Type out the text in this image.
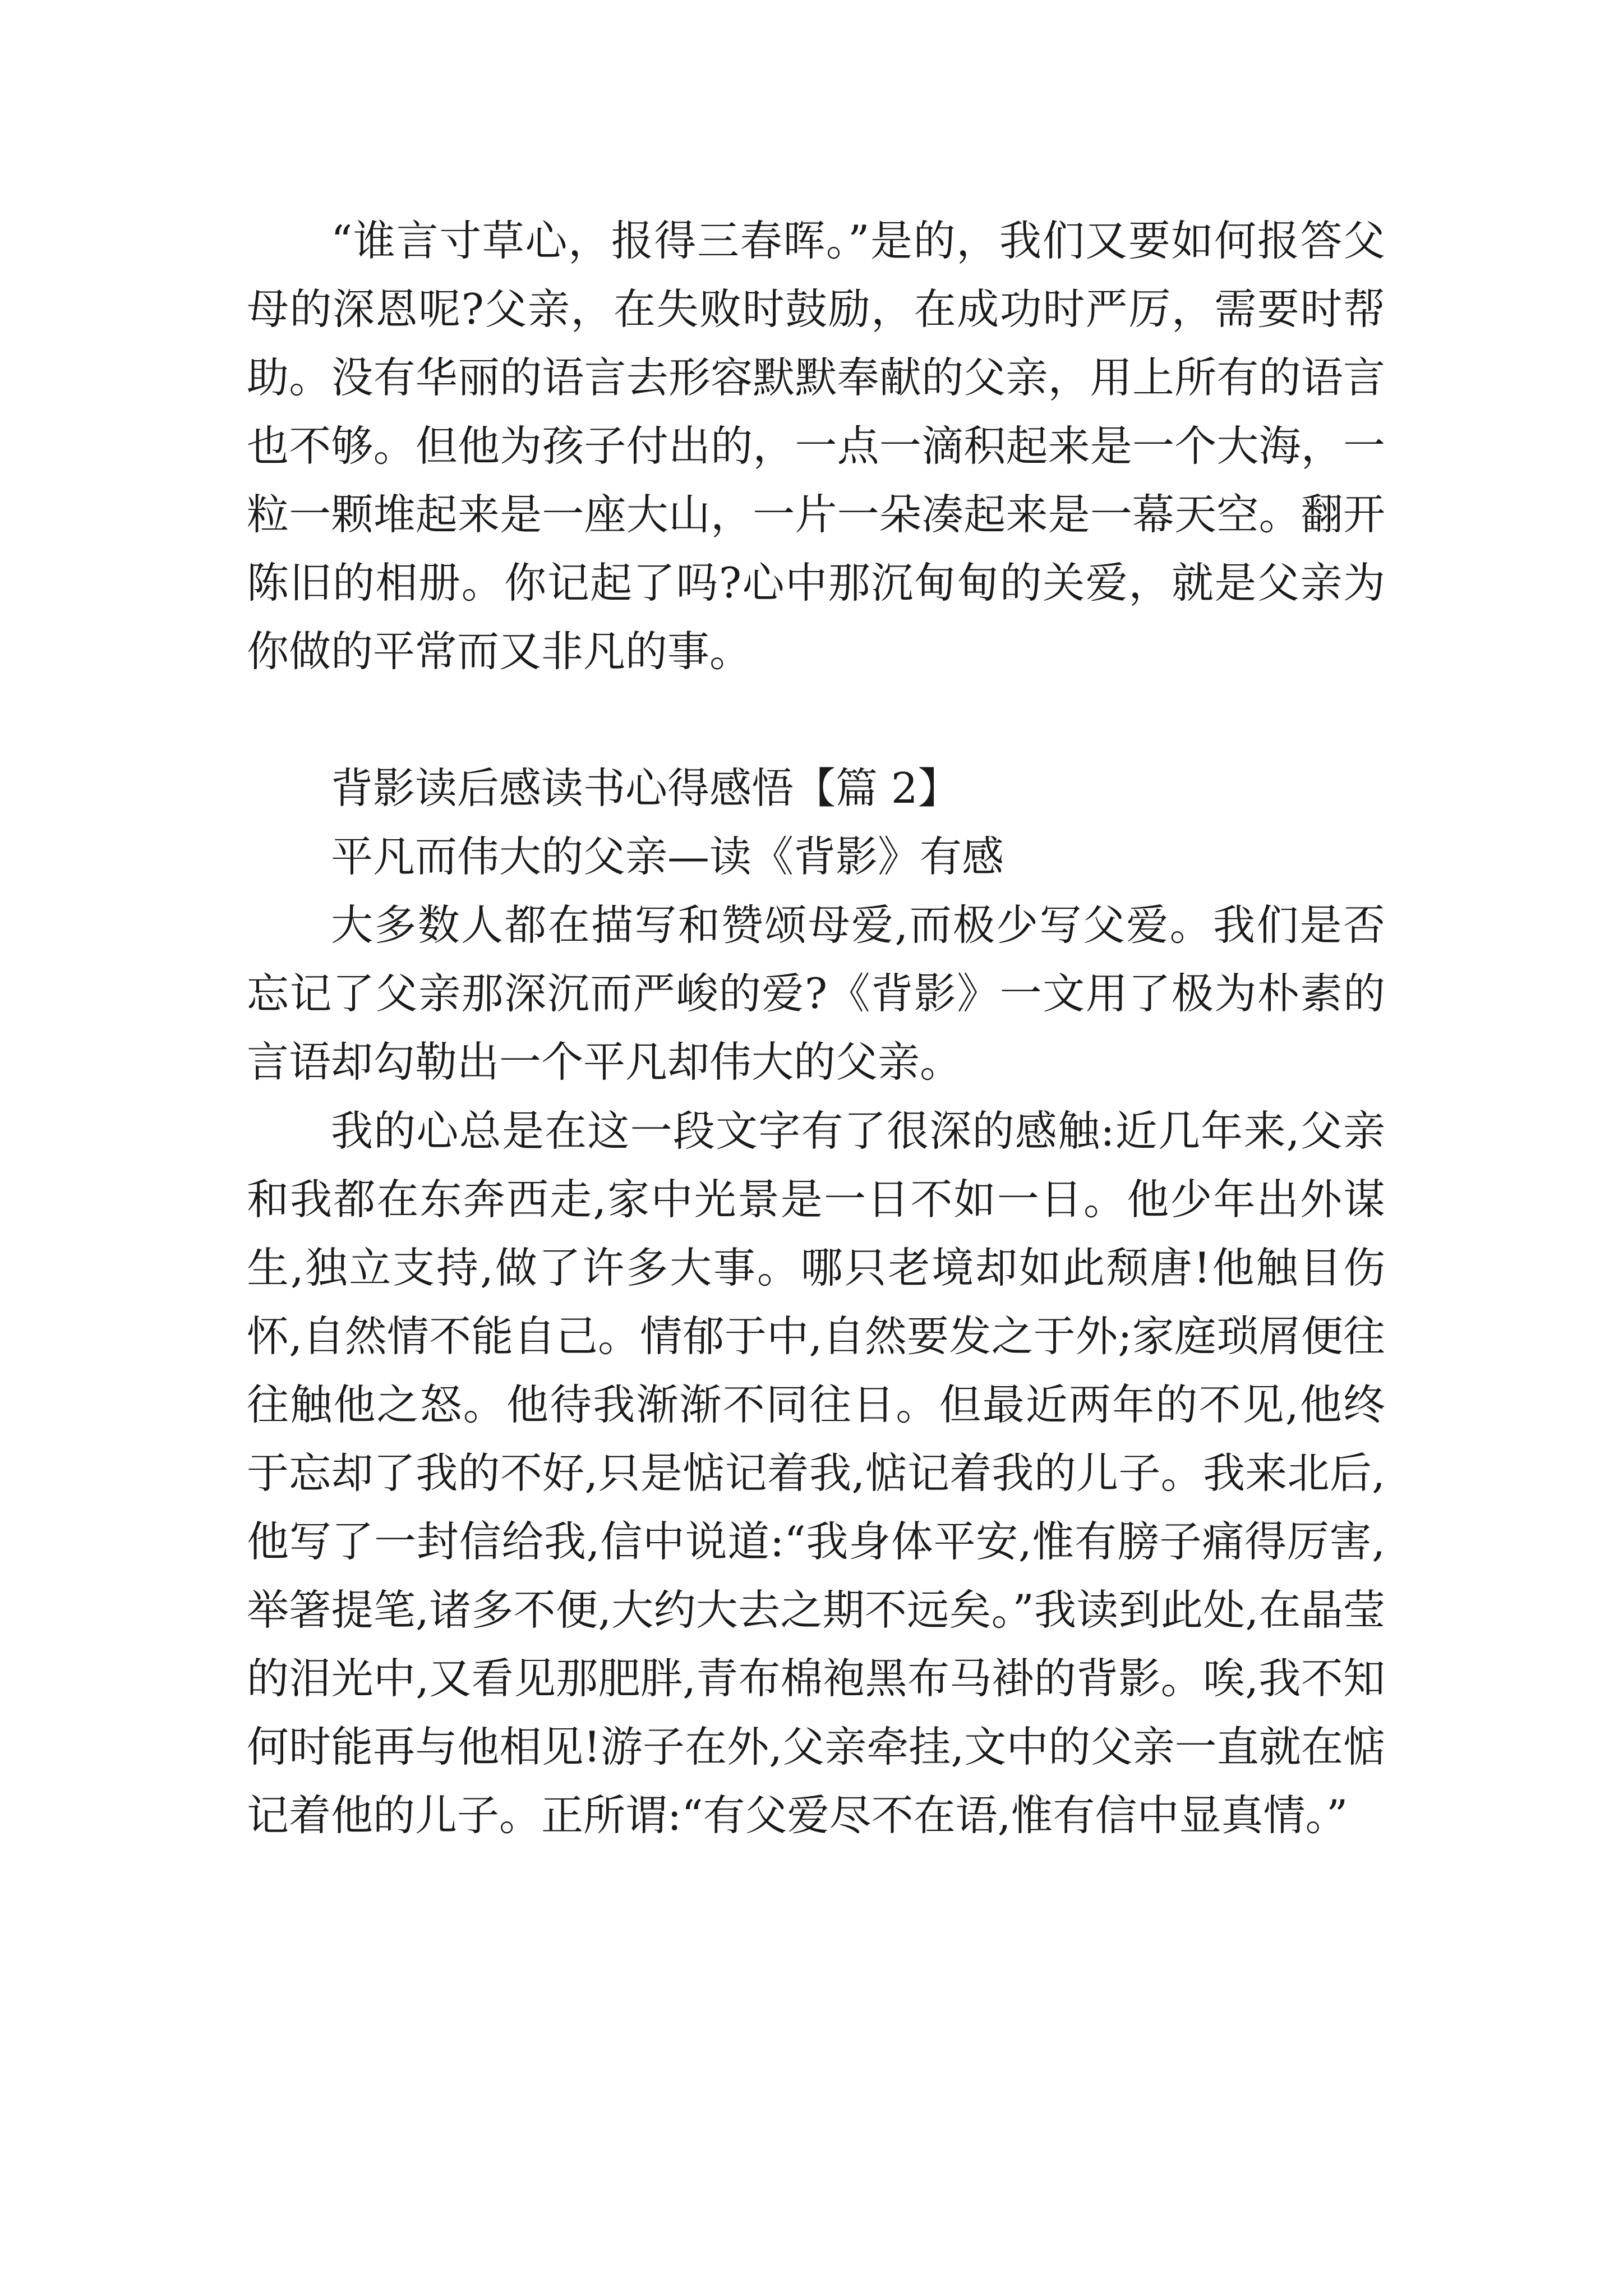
“谁言寸草心，报得三春晖。”是的，我们又要如何报答父母的深恩呢?父亲，在失败时鼓励，在成功时严厉，需要时帮助。没有华丽的语言去形容默默奉献的父亲，用上所有的语言也不够。但他为孩子付出的，一点一滴积起来是一个大海，一粒一颗堆起来是一座大山，一片一朵凑起来是一幕天空。翻开陈旧的相册。你记起了吗?心中那沉甸甸的关爱，就是父亲为你做的平常而又非凡的事。

背影读后感读书心得感悟【篇 2】

平凡而伟大的父亲—读《背影》有感

大多数人都在描写和赞颂母爱,而极少写父爱。我们是否忘记了父亲那深沉而严峻的爱?《背影》一文用了极为朴素的言语却勾勒出一个平凡却伟大的父亲。

我的心总是在这一段文字有了很深的感触:近几年来,父亲和我都在东奔西走,家中光景是一日不如一日。他少年出外谋生,独立支持,做了许多大事。哪只老境却如此颓唐!他触目伤怀,自然情不能自己。情郁于中,自然要发之于外;家庭琐屑便往往触他之怒。他待我渐渐不同往日。但最近两年的不见,他终于忘却了我的不好,只是惦记着我,惦记着我的儿子。我来北后,他写了一封信给我,信中说道:“我身体平安,惟有膀子痛得厉害,举箸提笔,诸多不便,大约大去之期不远矣。”我读到此处,在晶莹的泪光中,又看见那肥胖,青布棉袍黑布马褂的背影。唉,我不知何时能再与他相见!游子在外,父亲牵挂,文中的父亲一直就在惦记着他的儿子。正所谓:“有父爱尽不在语,惟有信中显真情。”
